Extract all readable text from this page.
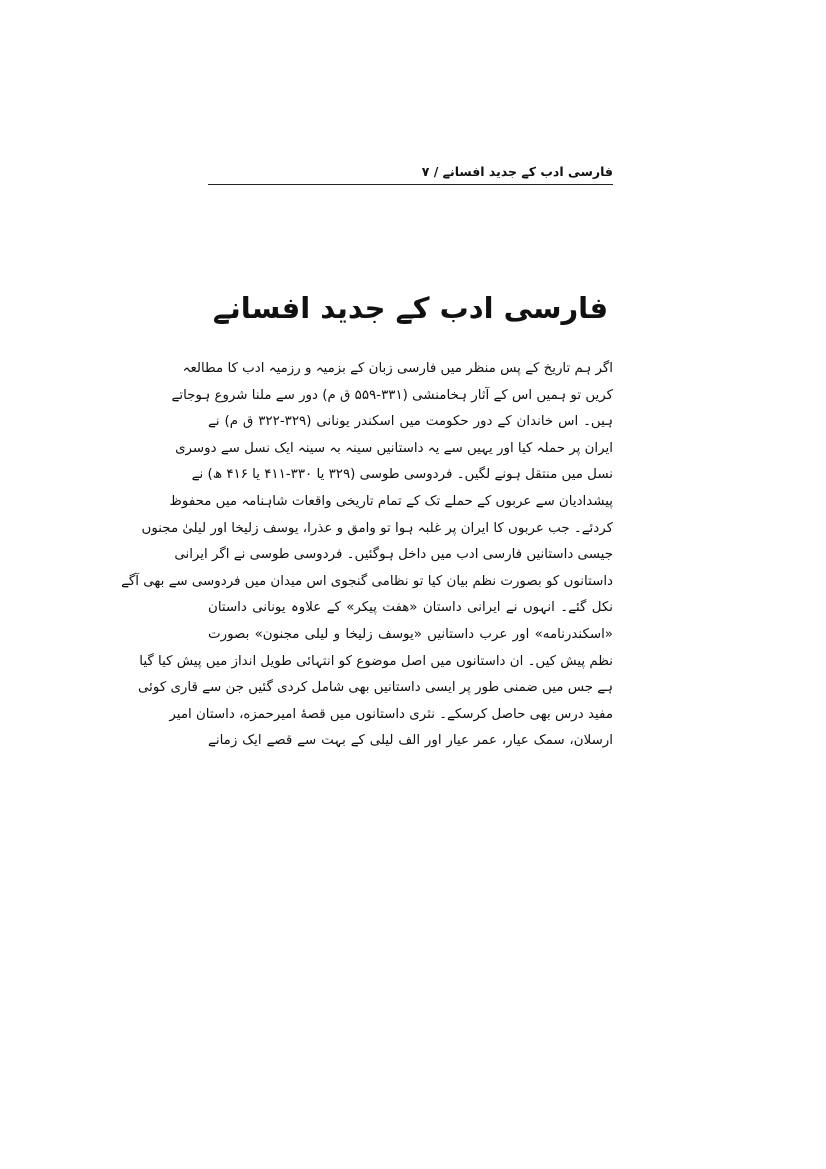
فارسی ادب کے جدید افسانے / ۷
فارسی ادب کے جدید افسانے
اگر ہم تاریخ کے پس منظر میں فارسی زبان کے بزمیہ و رزمیہ ادب کا مطالعہ
کریں تو ہمیں اس کے آثار ہخامنشی (۳۳۱-۵۵۹ ق م) دور سے ملنا شروع ہوجاتے
ہیں۔ اس خاندان کے دور حکومت میں اسکندر یونانی (۳۲۹-۳۲۲ ق م) نے
ایران پر حملہ کیا اور یہیں سے یہ داستانیں سینہ بہ سینہ ایک نسل سے دوسری
نسل میں منتقل ہونے لگیں۔ فردوسی طوسی (۳۲۹ یا ۳۳۰-۴۱۱ یا ۴۱۶ ھ) نے
پیشدادیان سے عربوں کے حملے تک کے تمام تاریخی واقعات شاہنامہ میں محفوظ
کردئے۔ جب عربوں کا ایران پر غلبہ ہوا تو وامق و عذرا، یوسف زلیخا اور لیلیٰ مجنوں
جیسی داستانیں فارسی ادب میں داخل ہوگئیں۔ فردوسی طوسی نے اگر ایرانی
داستانوں کو بصورت نظم بیان کیا تو نظامی گنجوی اس میدان میں فردوسی سے بھی آگے
نکل گئے۔ انہوں نے ایرانی داستان «هفت پیکر» کے علاوہ یونانی داستان
«اسکندرنامه» اور عرب داستانیں «یوسف زلیخا و لیلی مجنون» بصورت
نظم پیش کیں۔ ان داستانوں میں اصل موضوع کو انتہائی طویل انداز میں پیش کیا گیا
ہے جس میں ضمنی طور پر ایسی داستانیں بھی شامل کردی گئیں جن سے قاری کوئی
مفید درس بھی حاصل کرسکے۔ نثری داستانوں میں قصهٔ امیرحمزه، داستان امیر
ارسلان، سمک عیار، عمر عیار اور الف لیلی کے بہت سے قصے ایک زمانے
